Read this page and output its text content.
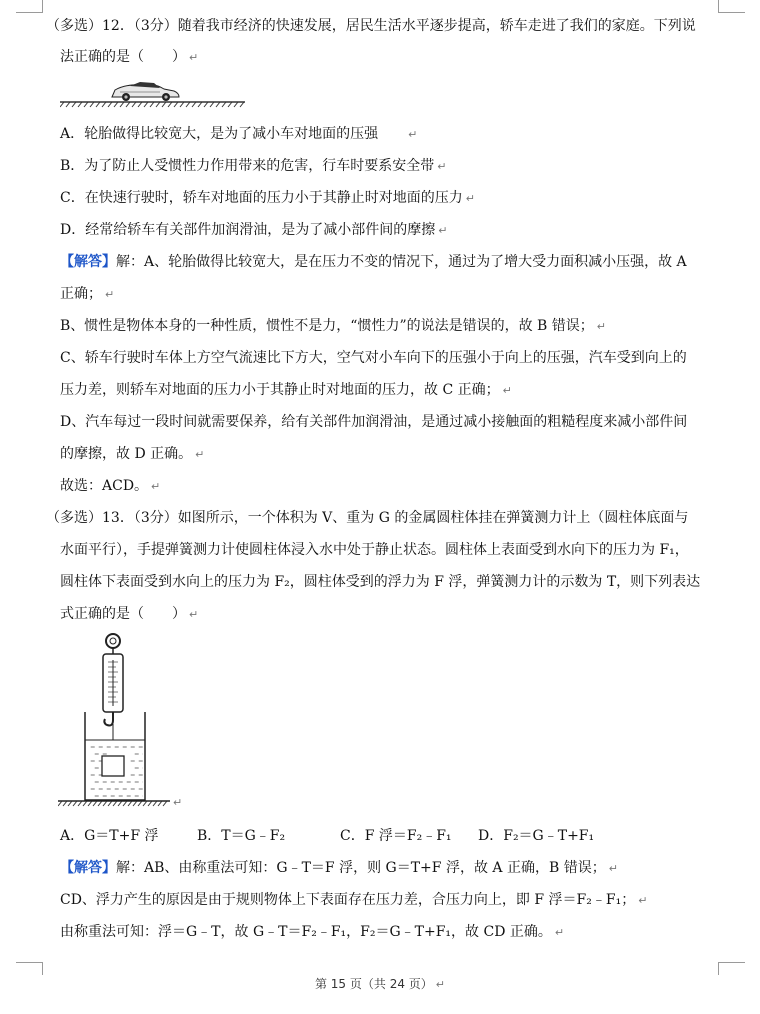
（多选）12．（3分）随着我市经济的快速发展，居民生活水平逐步提高，轿车走进了我们的家庭。下列说
法正确的是（　　） ↵
A．轮胎做得比较宽大，是为了减小车对地面的压强	↵
B．为了防止人受惯性力作用带来的危害，行车时要系安全带 ↵
C．在快速行驶时，轿车对地面的压力小于其静止时对地面的压力 ↵
D．经常给轿车有关部件加润滑油，是为了减小部件间的摩擦 ↵
【解答】解：A、轮胎做得比较宽大，是在压力不变的情况下，通过为了增大受力面积减小压强，故 A
正确； ↵
B、惯性是物体本身的一种性质，惯性不是力，“惯性力”的说法是错误的，故 B 错误； ↵
C、轿车行驶时车体上方空气流速比下方大，空气对小车向下的压强小于向上的压强，汽车受到向上的
压力差，则轿车对地面的压力小于其静止时对地面的压力，故 C 正确； ↵
D、汽车每过一段时间就需要保养，给有关部件加润滑油，是通过减小接触面的粗糙程度来减小部件间
的摩擦，故 D 正确。 ↵
故选：ACD。 ↵
（多选）13．（3分）如图所示，一个体积为 V、重为 G 的金属圆柱体挂在弹簧测力计上（圆柱体底面与
水面平行），手提弹簧测力计使圆柱体浸入水中处于静止状态。圆柱体上表面受到水向下的压力为 F₁，
圆柱体下表面受到水向上的压力为 F₂，圆柱体受到的浮力为 F 浮，弹簧测力计的示数为 T，则下列表达
式正确的是（　　） ↵
↵
A．G＝T+F 浮	B．T＝G﹣F₂	C．F 浮＝F₂﹣F₁ D．F₂＝G﹣T+F₁
【解答】解：AB、由称重法可知：G﹣T＝F 浮，则 G＝T+F 浮，故 A 正确，B 错误； ↵
CD、浮力产生的原因是由于规则物体上下表面存在压力差，合压力向上，即 F 浮＝F₂﹣F₁； ↵
由称重法可知：浮＝G﹣T，故 G﹣T＝F₂﹣F₁，F₂＝G﹣T+F₁，故 CD 正确。 ↵
第 15 页（共 24 页） ↵
